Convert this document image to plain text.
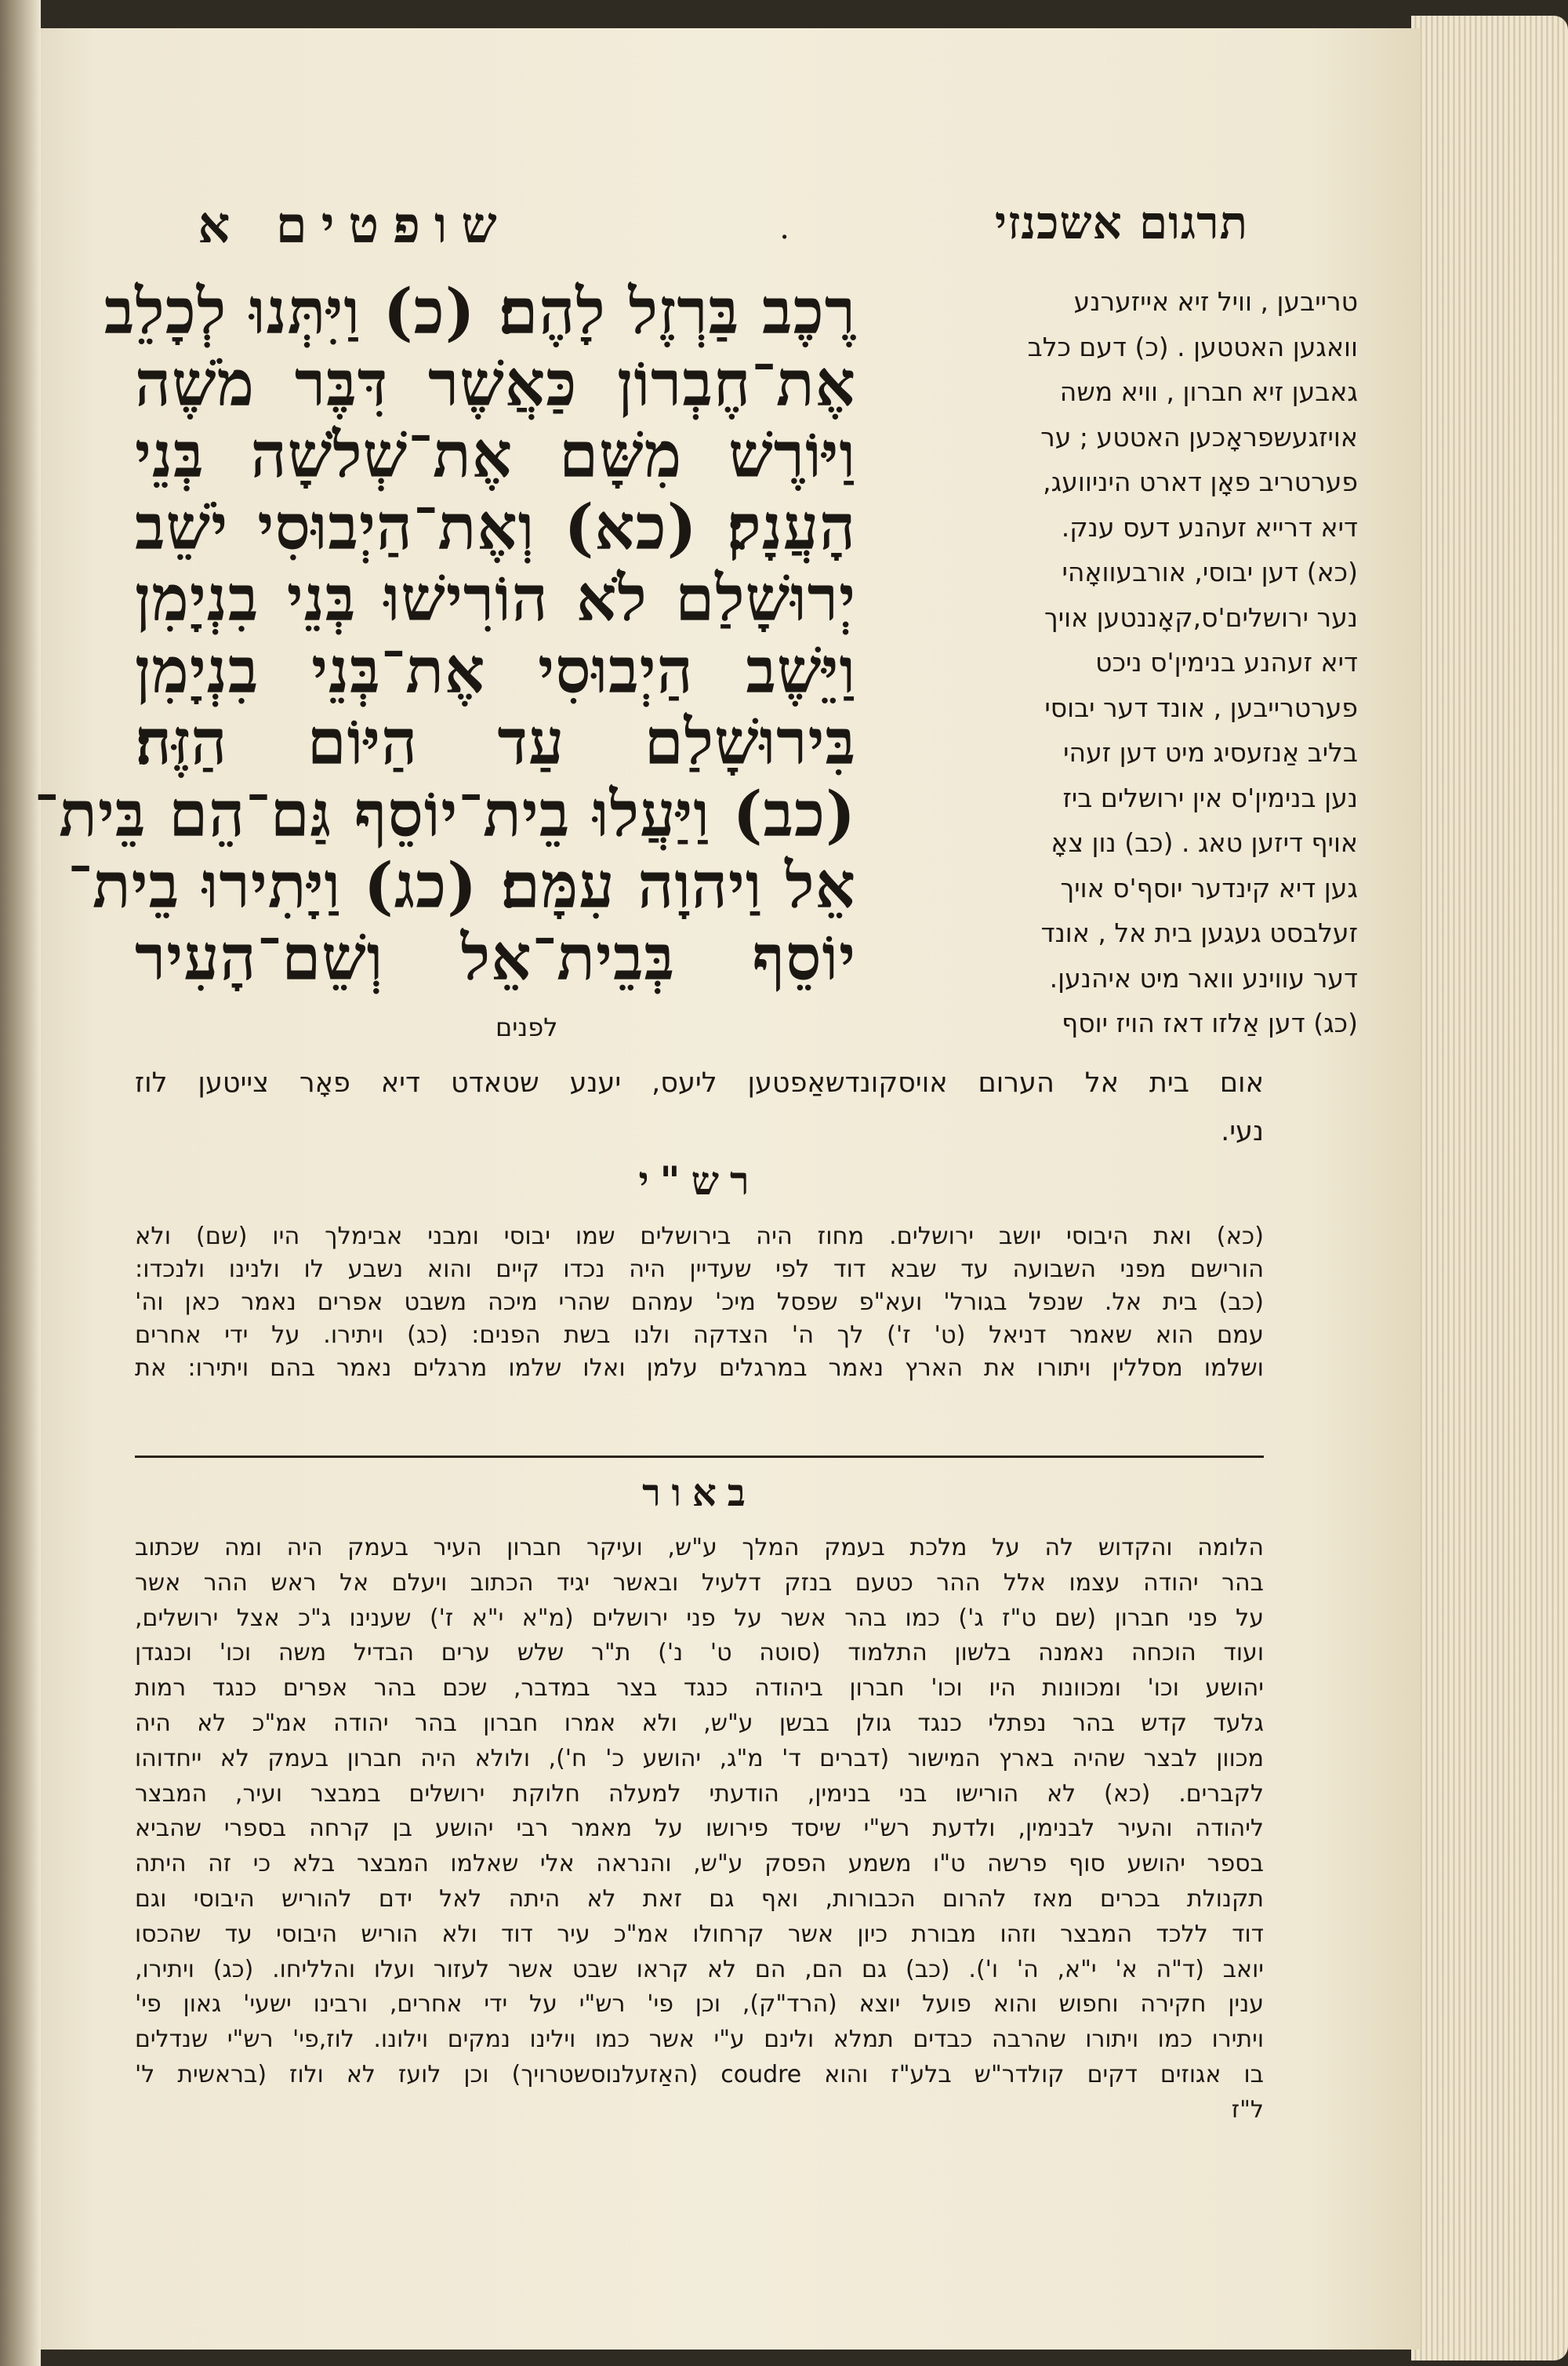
תרגום אשכנזי
.
שופטים א
טרייבען , וויל זיא אייזערנע
וואגען האטטען . (כ) דעם כלב
גאבען זיא חברון , וויא משה
אויזגעשפראָכען האטטע ; ער
פערטריב פאָן דארט היניוועג,
דיא דרייא זעהנע דעס ענק.
(כא) דען יבוסי, אורבעוואָהי
נער ירושלים'ס,קאָננטען אויך
דיא זעהנע בנימין'ס ניכט
פערטרייבען , אונד דער יבוסי
בליב אַנזעסיג מיט דען זעהי
נען בנימין'ס אין ירושלים ביז
אויף דיזען טאג . (כב) נון צאָ
גען דיא קינדער יוסף'ס אויך
זעלבסט געגען בית אל , אונד
דער עווינע וואר מיט איהנען.
(כג) דען אַלזו דאז הויז יוסף
רֶכֶב בַּרְזֶל לָהֶם׃ (כ) וַיִּתְּנוּ לְכָלֵב
אֶת־חֶבְרוֹן כַּאֲשֶׁר דִּבֶּר מֹשֶׁה
וַיּוֹרֶשׁ מִשָּׁם אֶת־שְׁלֹשָׁה בְּנֵי
הָעֲנָק׃ (כא) וְאֶת־הַיְבוּסִי יֹשֵׁב
יְרוּשָׁלַם לֹא הוֹרִישׁוּ בְּנֵי בִנְיָמִן
וַיֵּשֶׁב הַיְבוּסִי אֶת־בְּנֵי בִנְיָמִן
בִּירוּשָׁלַם עַד הַיּוֹם הַזֶּה׃
(כב) וַיַּעֲלוּ בֵית־יוֹסֵף גַּם־הֵם בֵּית־
אֵל וַיהוָה עִמָּם׃ (כג) וַיָּתִירוּ בֵית־
יוֹסֵף בְּבֵית־אֵל וְשֵׁם־הָעִיר
לפנים
אום בית אל הערום אויסקונדשאַפטען ליעס, יענע שטאדט דיא פאָר צייטען לוז
נעי.
רש"י
(כא) ואת היבוסי יושב ירושלים. מחוז היה בירושלים שמו יבוסי ומבני אבימלך היו (שם) ולא
הורישם מפני השבועה עד שבא דוד לפי שעדיין היה נכדו קיים והוא נשבע לו ולנינו ולנכדו:
(כב) בית אל. שנפל בגורל' ועא"פ שפסל מיכ' עמהם שהרי מיכה משבט אפרים נאמר כאן וה'
עמם הוא שאמר דניאל (ט' ז') לך ה' הצדקה ולנו בשת הפנים: (כג) ויתירו. על ידי אחרים
ושלמו מסללין ויתורו את הארץ נאמר במרגלים עלמן ואלו שלמו מרגלים נאמר בהם ויתירו: את
באור
הלומה והקדוש לה על מלכת בעמק המלך ע"ש, ועיקר חברון העיר בעמק היה ומה שכתוב
בהר יהודה עצמו אלל ההר כטעם בנזק דלעיל ובאשר יגיד הכתוב ויעלם אל ראש ההר אשר
על פני חברון (שם ט"ז ג') כמו בהר אשר על פני ירושלים (מ"א י"א ז') שענינו ג"כ אצל ירושלים,
ועוד הוכחה נאמנה בלשון התלמוד (סוטה ט' נ') ת"ר שלש ערים הבדיל משה וכו' וכנגדן
יהושע וכו' ומכוונות היו וכו' חברון ביהודה כנגד בצר במדבר, שכם בהר אפרים כנגד רמות
גלעד קדש בהר נפתלי כנגד גולן בבשן ע"ש, ולא אמרו חברון בהר יהודה אמ"כ לא היה
מכוון לבצר שהיה בארץ המישור (דברים ד' מ"ג, יהושע כ' ח'), ולולא היה חברון בעמק לא ייחדוהו
לקברים. (כא) לא הורישו בני בנימין, הודעתי למעלה חלוקת ירושלים במבצר ועיר, המבצר
ליהודה והעיר לבנימין, ולדעת רש"י שיסד פירושו על מאמר רבי יהושע בן קרחה בספרי שהביא
בספר יהושע סוף פרשה ט"ו משמע הפסק ע"ש, והנראה אלי שאלמו המבצר בלא כי זה היתה
תקנולת בכרים מאז להרום הכבורות, ואף גם זאת לא היתה לאל ידם להוריש היבוסי וגם
דוד ללכד המבצר וזהו מבורת כיון אשר קרחולו אמ"כ עיר דוד ולא הוריש היבוסי עד שהכסו
יואב (ד"ה א' י"א, ה' ו'). (כב) גם הם, הם לא קראו שבט אשר לעזור ועלו והלליחו. (כג) ויתירו,
ענין חקירה וחפוש והוא פועל יוצא (הרד"ק), וכן פי' רש"י על ידי אחרים, ורבינו ישעי' גאון פי'
ויתירו כמו ויתורו שהרבה כבדים תמלא ולינם ע"י אשר כמו וילינו נמקים וילונו. לוז,פי' רש"י שנדלים
בו אגוזים דקים קולדר"ש בלע"ז והוא coudre (האַזעלנוסשטרויך) וכן לועז לא ולוז (בראשית ל'
ל"ז
